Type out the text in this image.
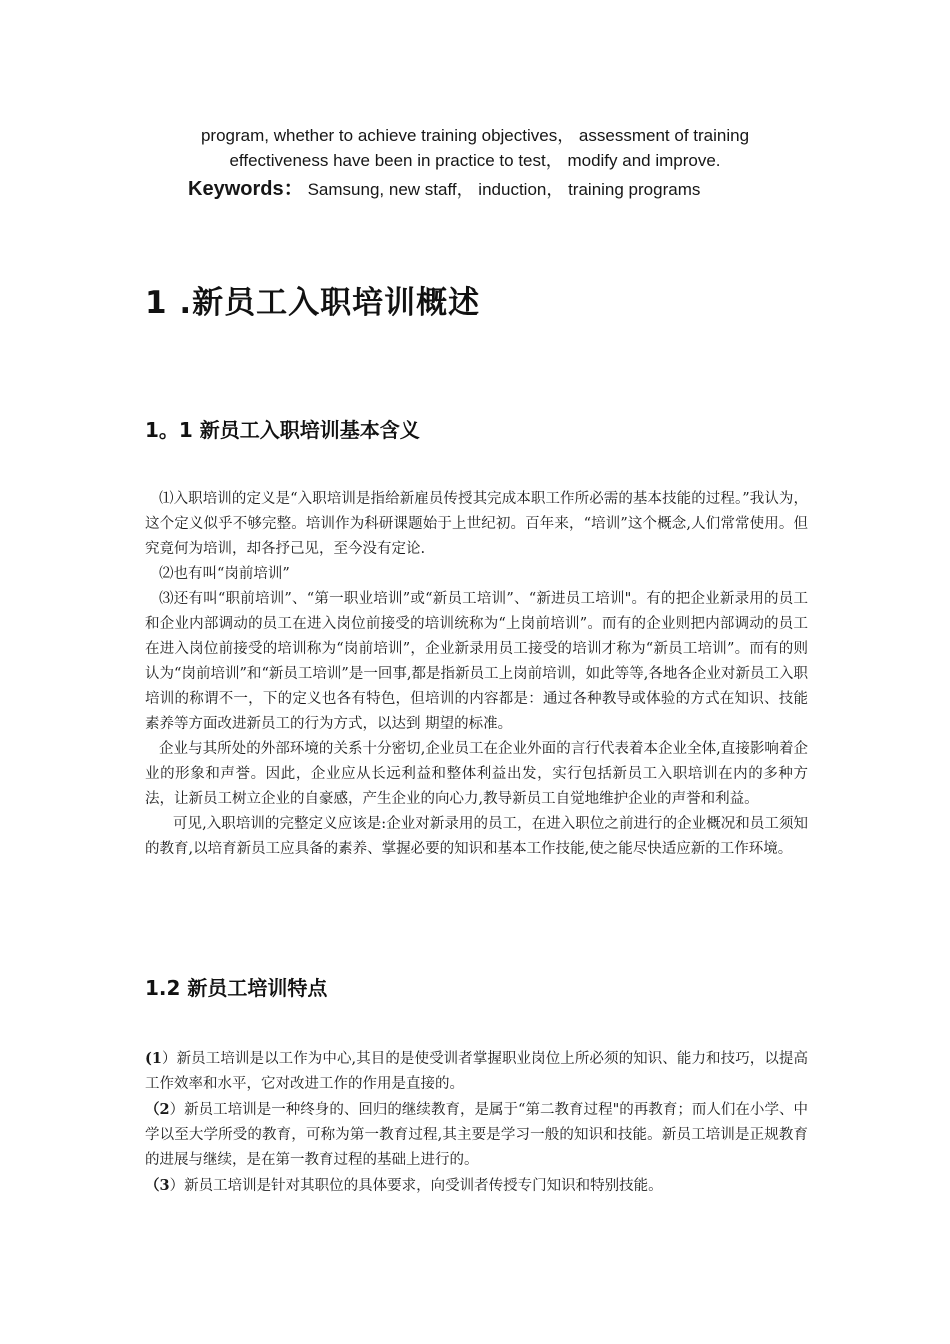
program, whether to achieve training objectives， assessment of training
effectiveness have been in practice to test， modify and improve.
Keywords： Samsung, new staff， induction， training programs
1 .新员工入职培训概述
1。1 新员工入职培训基本含义

⑴入职培训的定义是“入职培训是指给新雇员传授其完成本职工作所必需的基本技能的过程。”我认为，这个定义似乎不够完整。培训作为科研课题始于上世纪初。百年来，“培训”这个概念,人们常常使用。但究竟何为培训，却各抒己见，至今没有定论.

⑵也有叫“岗前培训”

⑶还有叫“职前培训”、“第一职业培训”或“新员工培训”、“新进员工培训"。有的把企业新录用的员工和企业内部调动的员工在进入岗位前接受的培训统称为“上岗前培训”。而有的企业则把内部调动的员工在进入岗位前接受的培训称为“岗前培训”，企业新录用员工接受的培训才称为“新员工培训”。而有的则认为“岗前培训”和“新员工培训”是一回事,都是指新员工上岗前培训，如此等等,各地各企业对新员工入职培训的称谓不一，下的定义也各有特色，但培训的内容都是：通过各种教导或体验的方式在知识、技能素养等方面改进新员工的行为方式，以达到 期望的标准。

企业与其所处的外部环境的关系十分密切,企业员工在企业外面的言行代表着本企业全体,直接影响着企业的形象和声誉。因此，企业应从长远利益和整体利益出发，实行包括新员工入职培训在内的多种方法，让新员工树立企业的自豪感，产生企业的向心力,教导新员工自觉地维护企业的声誉和利益。

可见,入职培训的完整定义应该是:企业对新录用的员工，在进入职位之前进行的企业概况和员工须知的教育,以培育新员工应具备的素养、掌握必要的知识和基本工作技能,使之能尽快适应新的工作环境。

1.2 新员工培训特点

(1）新员工培训是以工作为中心,其目的是使受训者掌握职业岗位上所必须的知识、能力和技巧，以提高工作效率和水平，它对改进工作的作用是直接的。

（2）新员工培训是一种终身的、回归的继续教育，是属于“第二教育过程"的再教育；而人们在小学、中学以至大学所受的教育，可称为第一教育过程,其主要是学习一般的知识和技能。新员工培训是正规教育的进展与继续，是在第一教育过程的基础上进行的。

（3）新员工培训是针对其职位的具体要求，向受训者传授专门知识和特别技能。
